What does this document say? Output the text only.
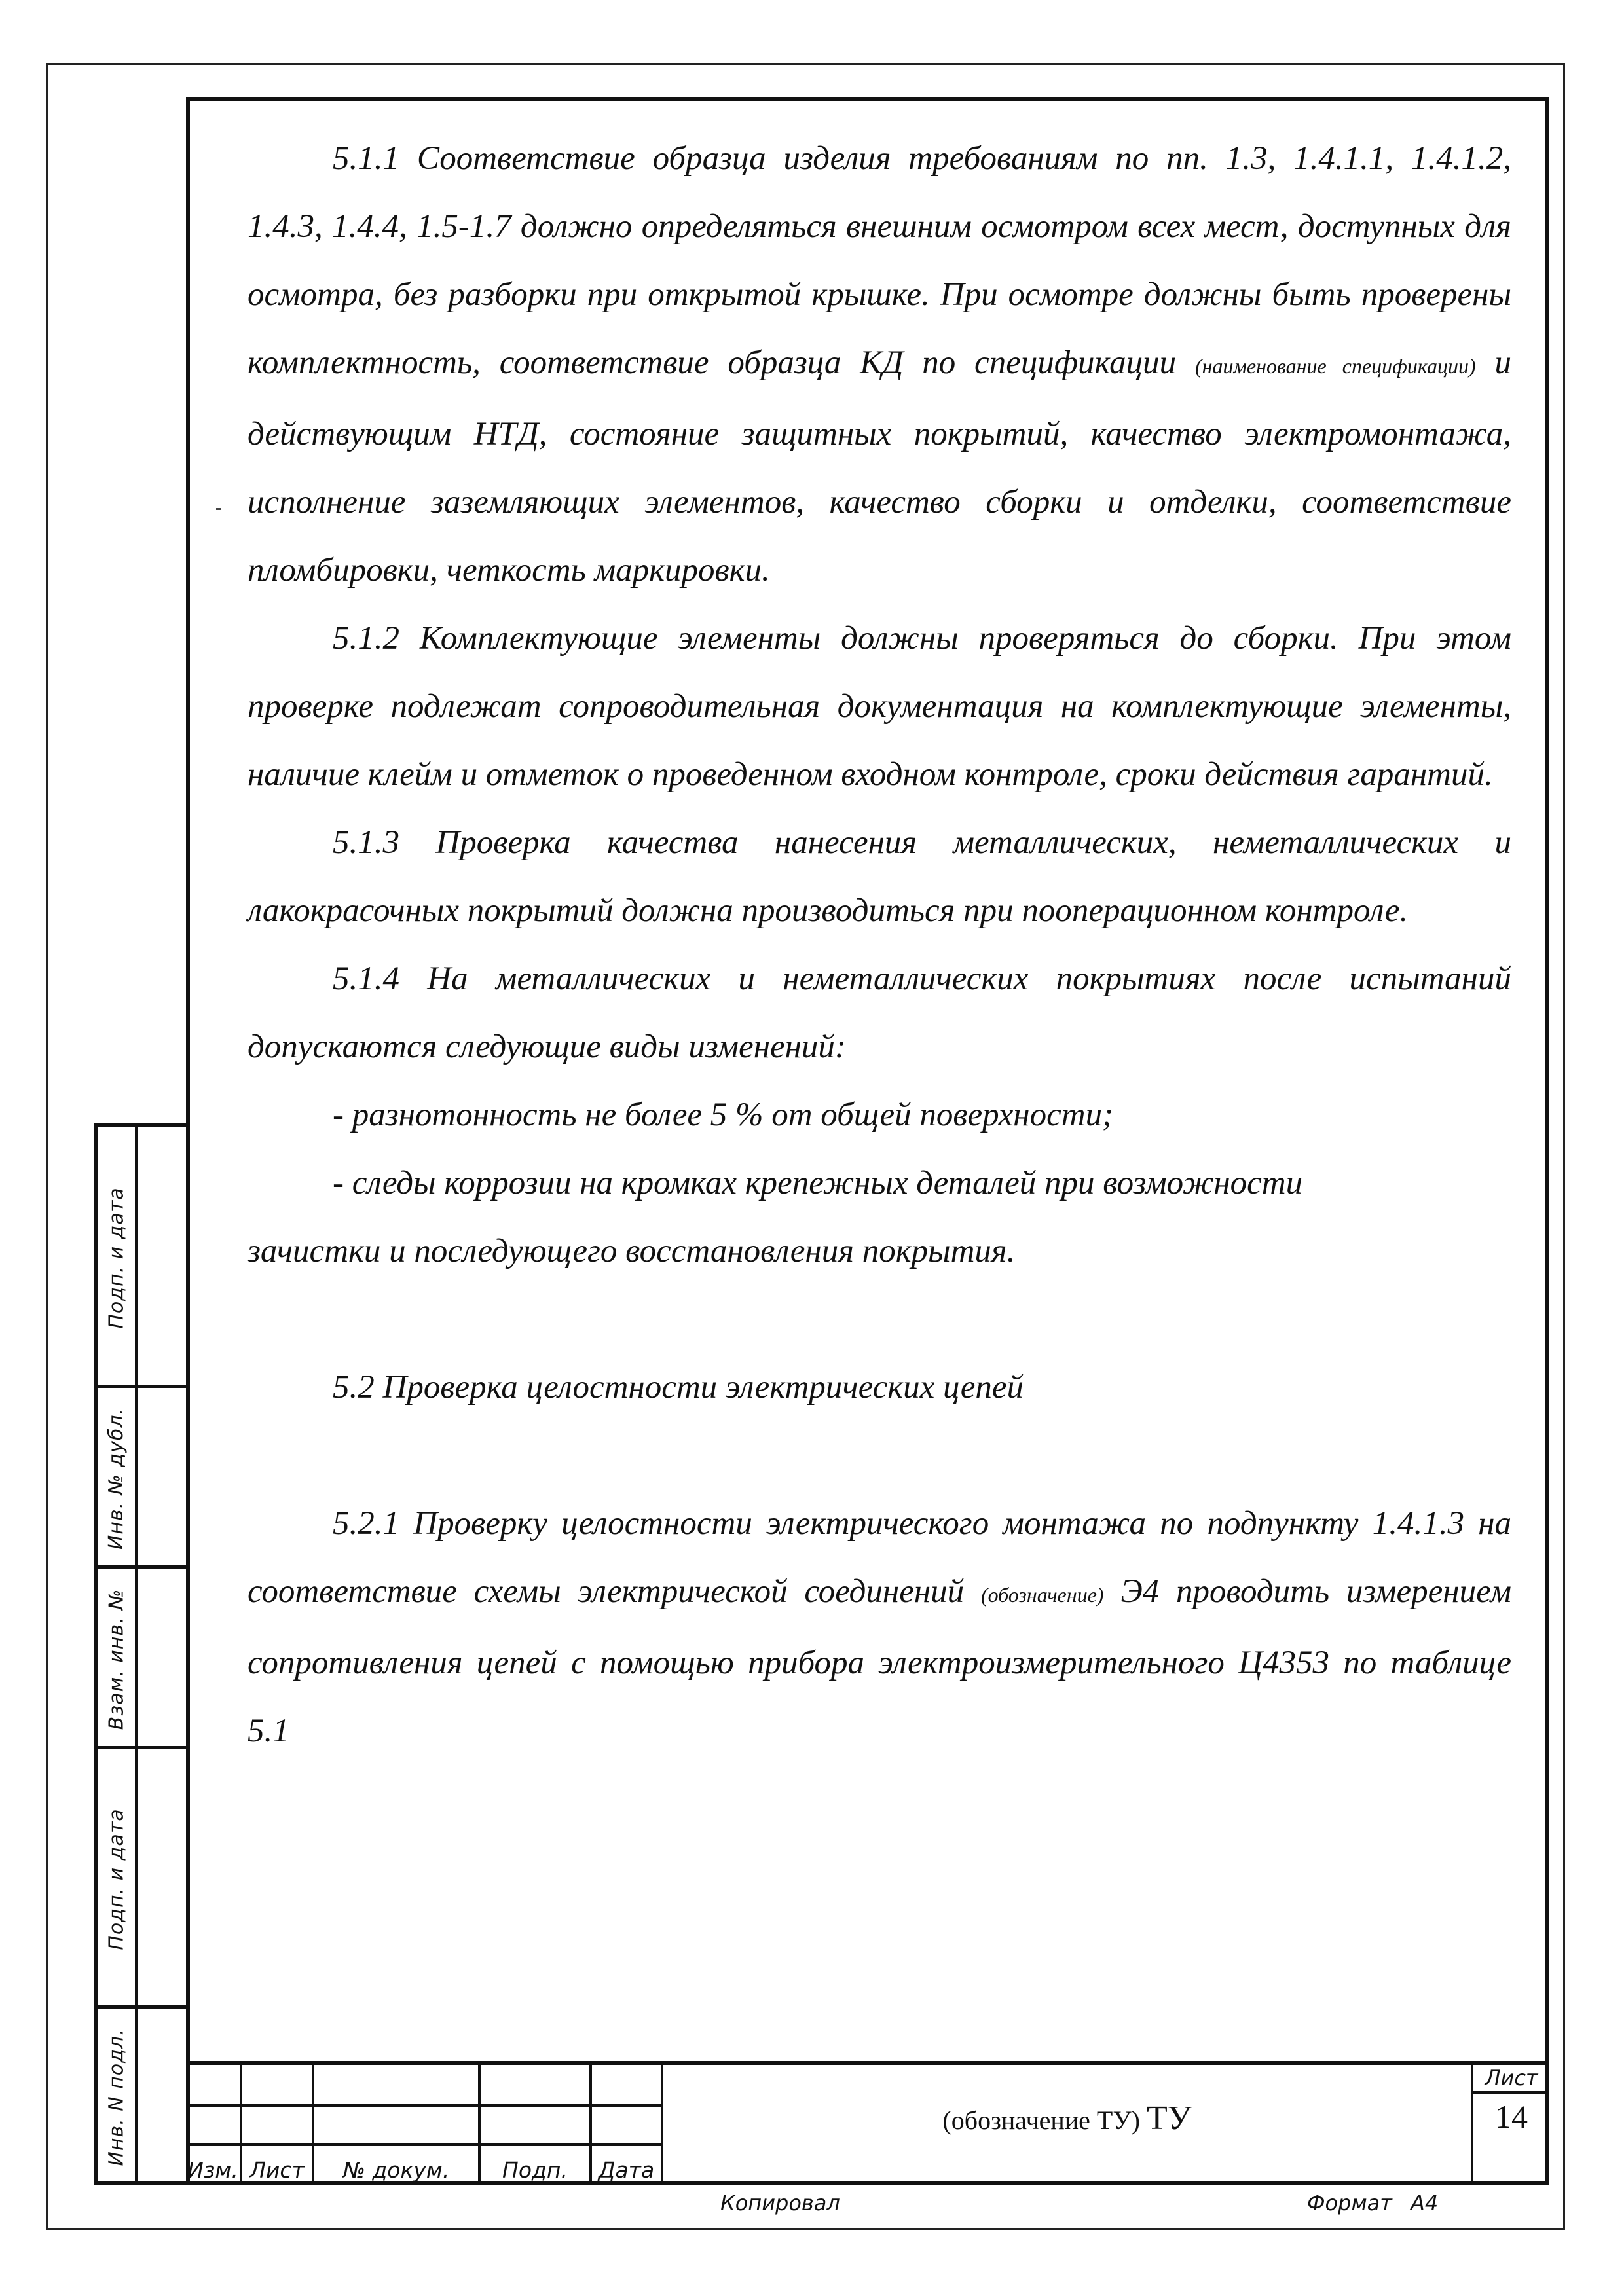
5.1.1 Соответствие образца изделия требованиям по пп. 1.3, 1.4.1.1, 1.4.1.2, 1.4.3, 1.4.4, 1.5-1.7 должно определяться внешним осмотром всех мест, доступных для осмотра, без разборки при открытой крышке. При осмотре должны быть проверены комплектность, соответствие образца КД по спецификации (наименование спецификации) и действующим НТД, состояние защитных покрытий, качество электромонтажа, исполнение заземляющих элементов, качество сборки и отделки, соответствие пломбировки, четкость маркировки.

5.1.2 Комплектующие элементы должны проверяться до сборки. При этом проверке подлежат сопроводительная документация на комплектующие элементы, наличие клейм и отметок о проведенном входном контроле, сроки действия гарантий.

5.1.3 Проверка качества нанесения металлических, неметаллических и лакокрасочных покрытий должна производиться при пооперационном контроле.

5.1.4 На металлических и неметаллических покрытиях после испытаний допускаются следующие виды изменений:

- разнотонность не более 5 % от общей поверхности;

- следы коррозии на кромках крепежных деталей при возможности

зачистки и последующего восстановления покрытия.

5.2 Проверка целостности электрических цепей

5.2.1 Проверку целостности электрического монтажа по подпункту 1.4.1.3 на соответствие схемы электрической соединений (обозначение) Э4 проводить измерением сопротивления цепей с помощью прибора электроизмерительного Ц4353 по таблице 5.1

Подп. и дата
Инв. № дубл.
Взам. инв. №
Подп. и дата
Инв. N подл.
Изм. Лист	№ докум.	Подп.	Дата
(обозначение ТУ) ТУ
Лист
14
Копировал	Формат А4
